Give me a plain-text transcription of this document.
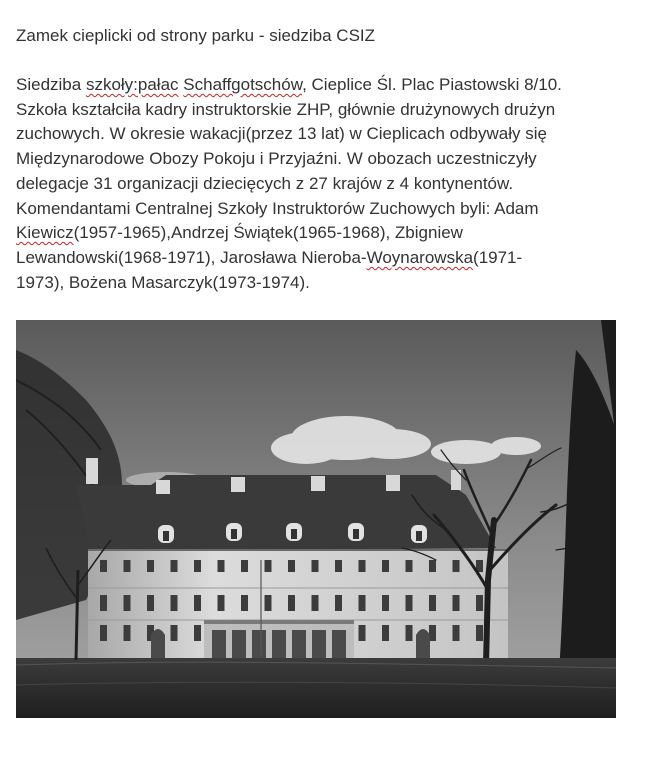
Zamek cieplicki od strony parku - siedziba CSIZ
Siedziba szkoły:pałac Schaffgotschów, Cieplice Śl. Plac Piastowski 8/10.
Szkoła kształciła kadry instruktorskie ZHP, głównie drużynowych drużyn
zuchowych. W okresie wakacji(przez 13 lat) w Cieplicach odbywały się
Międzynarodowe Obozy Pokoju i Przyjaźni. W obozach uczestniczyły
delegacje 31 organizacji dziecięcych z 27 krajów z 4 kontynentów.
Komendantami Centralnej Szkoły Instruktorów Zuchowych byli: Adam
Kiewicz(1957-1965),Andrzej Świątek(1965-1968), Zbigniew
Lewandowski(1968-1971), Jarosława Nieroba-Woynarowska(1971-
1973), Bożena Masarczyk(1973-1974).
